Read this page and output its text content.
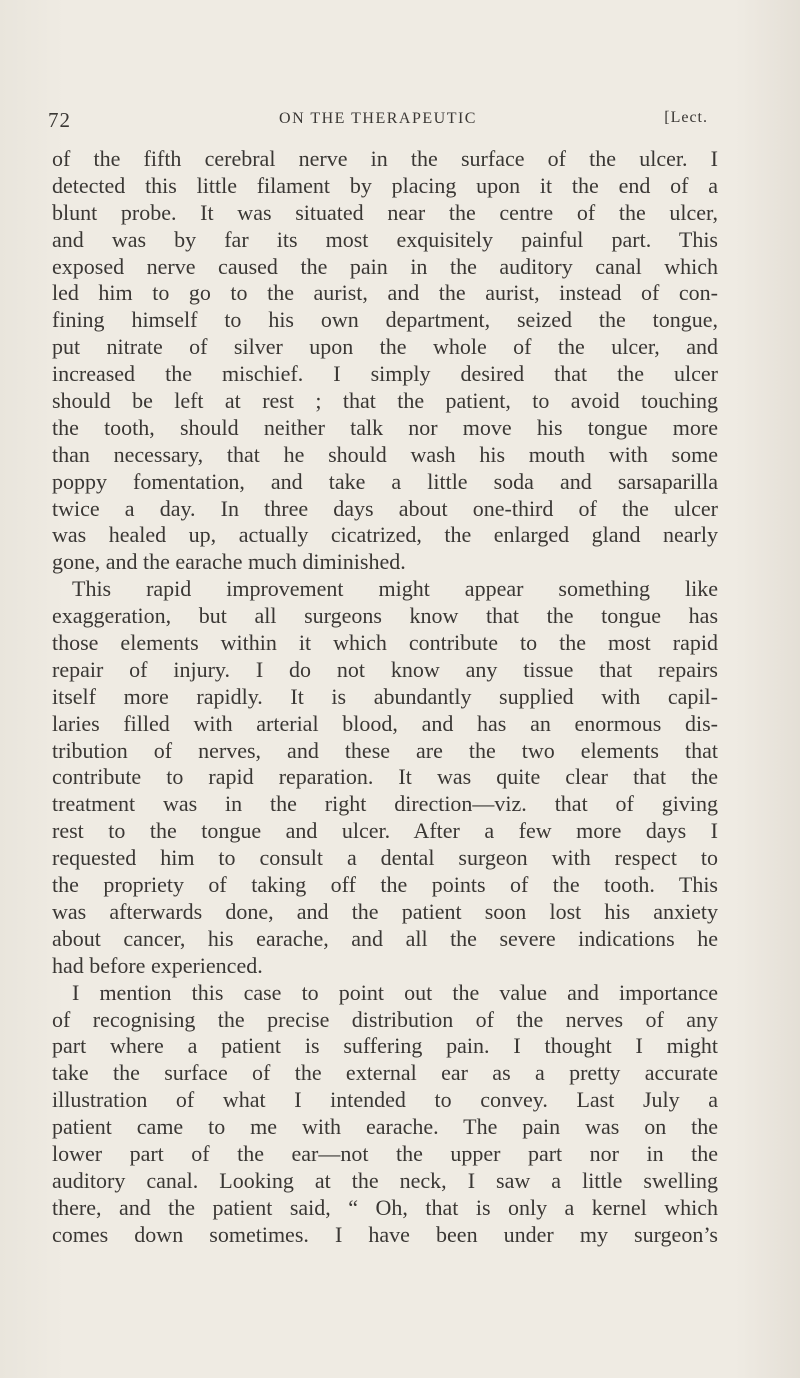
72	ON THE THERAPEUTIC	[Lect.
of the fifth cerebral nerve in the surface of the ulcer. I
detected this little filament by placing upon it the end of a
blunt probe. It was situated near the centre of the ulcer,
and was by far its most exquisitely painful part. This
exposed nerve caused the pain in the auditory canal which
led him to go to the aurist, and the aurist, instead of con-
fining himself to his own department, seized the tongue,
put nitrate of silver upon the whole of the ulcer, and
increased the mischief. I simply desired that the ulcer
should be left at rest ; that the patient, to avoid touching
the tooth, should neither talk nor move his tongue more
than necessary, that he should wash his mouth with some
poppy fomentation, and take a little soda and sarsaparilla
twice a day. In three days about one-third of the ulcer
was healed up, actually cicatrized, the enlarged gland nearly
gone, and the earache much diminished.
This rapid improvement might appear something like
exaggeration, but all surgeons know that the tongue has
those elements within it which contribute to the most rapid
repair of injury. I do not know any tissue that repairs
itself more rapidly. It is abundantly supplied with capil-
laries filled with arterial blood, and has an enormous dis-
tribution of nerves, and these are the two elements that
contribute to rapid reparation. It was quite clear that the
treatment was in the right direction—viz. that of giving
rest to the tongue and ulcer. After a few more days I
requested him to consult a dental surgeon with respect to
the propriety of taking off the points of the tooth. This
was afterwards done, and the patient soon lost his anxiety
about cancer, his earache, and all the severe indications he
had before experienced.
I mention this case to point out the value and importance
of recognising the precise distribution of the nerves of any
part where a patient is suffering pain. I thought I might
take the surface of the external ear as a pretty accurate
illustration of what I intended to convey. Last July a
patient came to me with earache. The pain was on the
lower part of the ear—not the upper part nor in the
auditory canal. Looking at the neck, I saw a little swelling
there, and the patient said, “ Oh, that is only a kernel which
comes down sometimes. I have been under my surgeon’s
